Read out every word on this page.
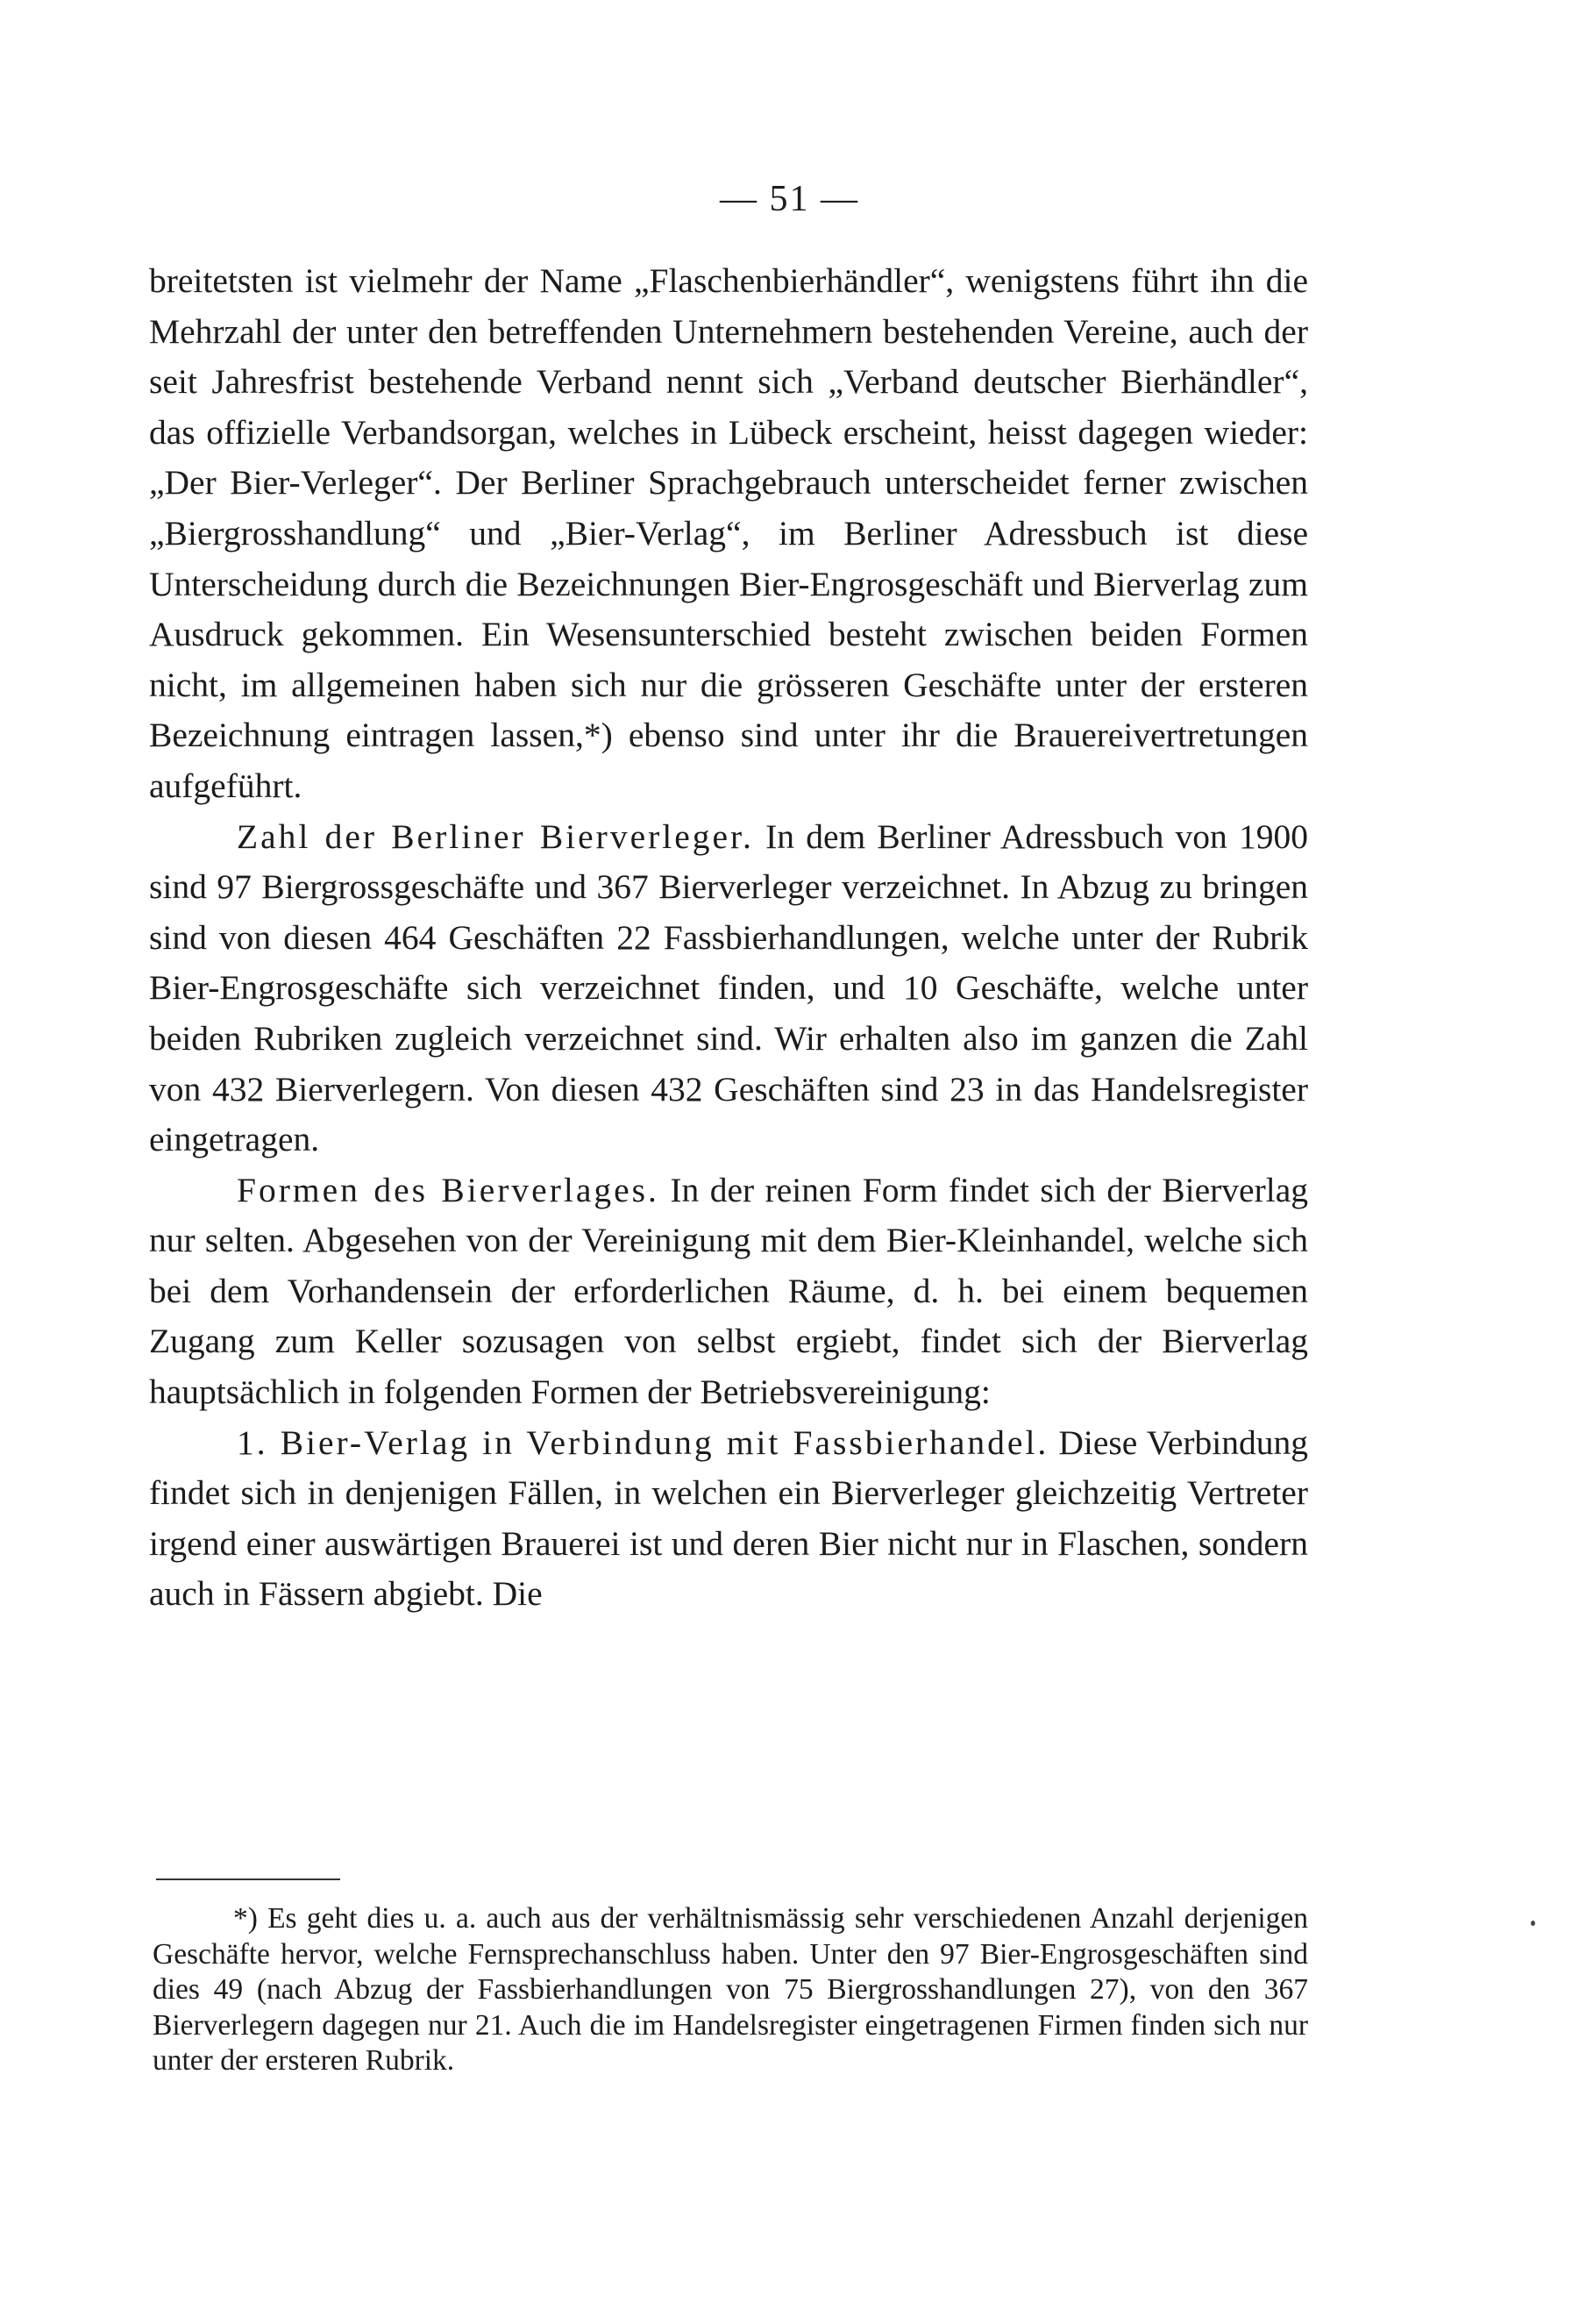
— 51 —

breitetsten ist vielmehr der Name „Flaschenbierhändler“, wenigstens führt ihn die Mehrzahl der unter den betreffenden Unternehmern bestehenden Vereine, auch der seit Jahresfrist bestehende Verband nennt sich „Verband deutscher Bierhändler“, das offizielle Verbandsorgan, welches in Lübeck erscheint, heisst dagegen wieder: „Der Bier-Verleger“. Der Berliner Sprachgebrauch unterscheidet ferner zwischen „Biergrosshandlung“ und „Bier-Verlag“, im Berliner Adressbuch ist diese Unterscheidung durch die Bezeichnungen Bier-Engrosgeschäft und Bierverlag zum Ausdruck gekommen. Ein Wesensunterschied besteht zwischen beiden Formen nicht, im allgemeinen haben sich nur die grösseren Geschäfte unter der ersteren Bezeichnung eintragen lassen,*) ebenso sind unter ihr die Brauereivertretungen aufgeführt.

Zahl der Berliner Bierverleger. In dem Berliner Adressbuch von 1900 sind 97 Biergrossgeschäfte und 367 Bierverleger verzeichnet. In Abzug zu bringen sind von diesen 464 Geschäften 22 Fassbierhandlungen, welche unter der Rubrik Bier-Engrosgeschäfte sich verzeichnet finden, und 10 Geschäfte, welche unter beiden Rubriken zugleich verzeichnet sind. Wir erhalten also im ganzen die Zahl von 432 Bierverlegern. Von diesen 432 Geschäften sind 23 in das Handelsregister eingetragen.

Formen des Bierverlages. In der reinen Form findet sich der Bierverlag nur selten. Abgesehen von der Vereinigung mit dem Bier-Kleinhandel, welche sich bei dem Vorhandensein der erforderlichen Räume, d. h. bei einem bequemen Zugang zum Keller sozusagen von selbst ergiebt, findet sich der Bierverlag hauptsächlich in folgenden Formen der Betriebsvereinigung:

1. Bier-Verlag in Verbindung mit Fassbierhandel. Diese Verbindung findet sich in denjenigen Fällen, in welchen ein Bierverleger gleichzeitig Vertreter irgend einer auswärtigen Brauerei ist und deren Bier nicht nur in Flaschen, sondern auch in Fässern abgiebt. Die

*) Es geht dies u. a. auch aus der verhältnismässig sehr verschiedenen Anzahl derjenigen Geschäfte hervor, welche Fernsprechanschluss haben. Unter den 97 Bier-Engrosgeschäften sind dies 49 (nach Abzug der Fassbierhandlungen von 75 Biergrosshandlungen 27), von den 367 Bierverlegern dagegen nur 21. Auch die im Handelsregister eingetragenen Firmen finden sich nur unter der ersteren Rubrik.
